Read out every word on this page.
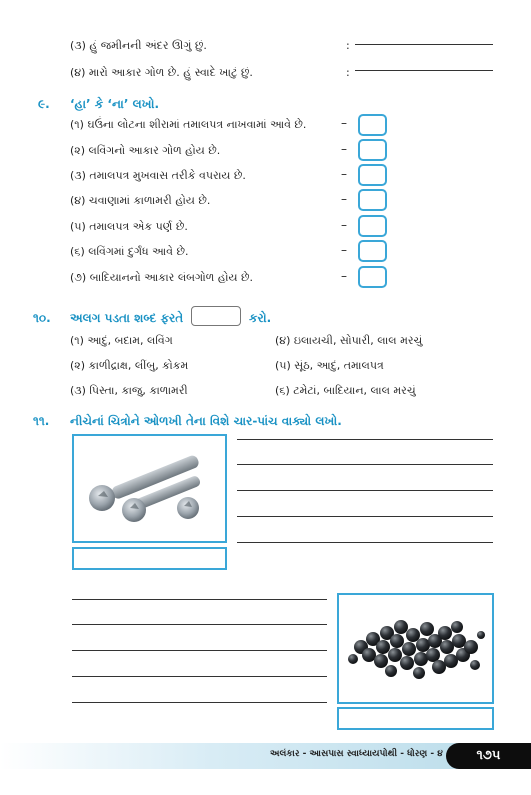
(૩) હું જમીનની અંદર ઊગું છું.	:
(૪) મારો આકાર ગોળ છે. હું સ્વાદે ખાટું છું.	:
૯. ‘હા’ કે ‘ના’ લખો.
(૧) ઘઉંના લોટના શીરામાં તમાલપત્ર નાખવામાં આવે છે.	–
(૨) લવિંગનો આકાર ગોળ હોય છે.	–
(૩) તમાલપત્ર મુખવાસ તરીકે વપરાય છે.	–
(૪) ચવાણામાં કાળામરી હોય છે.	–
(૫) તમાલપત્ર એક પર્ણ છે.	–
(૬) લવિંગમાં દુર્ગંધ આવે છે.	–
(૭) બાદિયાનનો આકાર લંબગોળ હોય છે.	–
૧૦. અલગ પડતા શબ્દ ફરતે	કરો.
(૧) આદું, બદામ, લવિંગ	(૪) ઇલાયચી, સોપારી, લાલ મરચું
(૨) કાળીદ્રાક્ષ, લીંબુ, કોકમ	(૫) સૂંઠ, આદું, તમાલપત્ર
(૩) પિસ્તા, કાજુ, કાળામરી	(૬) ટમેટાં, બાદિયાન, લાલ મરચું
૧૧. નીચેનાં ચિત્રોને ઓળખી તેના વિશે ચાર-પાંચ વાક્યો લખો.
અલંકાર - આસપાસ સ્વાધ્યાયપોથી - ધોરણ - ૪	૧૭૫
